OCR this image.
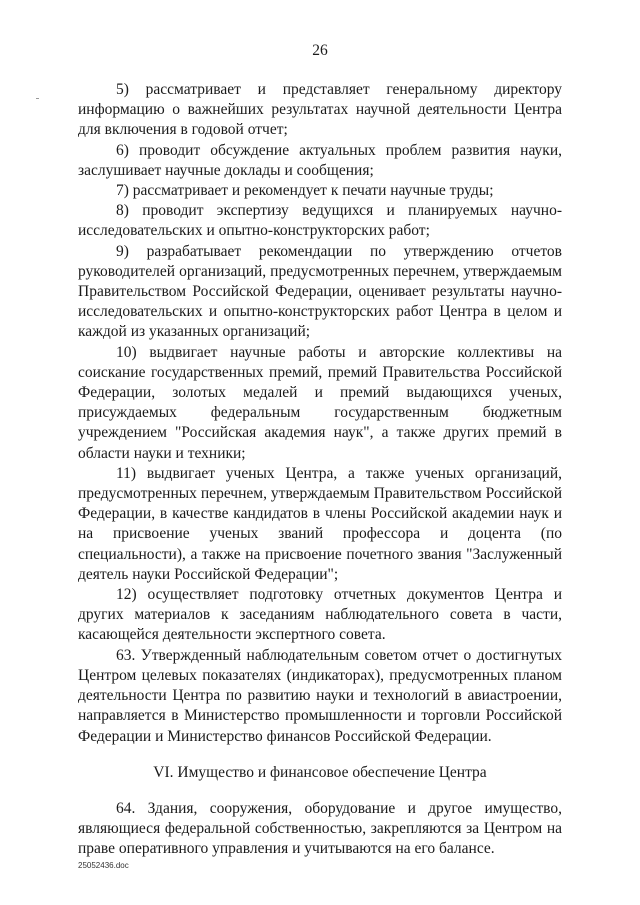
26

5) рассматривает и представляет генеральному директору информацию о важнейших результатах научной деятельности Центра для включения в годовой отчет;

6) проводит обсуждение актуальных проблем развития науки, заслушивает научные доклады и сообщения;

7) рассматривает и рекомендует к печати научные труды;

8) проводит экспертизу ведущихся и планируемых научно-исследовательских и опытно-конструкторских работ;

9) разрабатывает рекомендации по утверждению отчетов руководителей организаций, предусмотренных перечнем, утверждаемым Правительством Российской Федерации, оценивает результаты научно-исследовательских и опытно-конструкторских работ Центра в целом и каждой из указанных организаций;

10) выдвигает научные работы и авторские коллективы на соискание государственных премий, премий Правительства Российской Федерации, золотых медалей и премий выдающихся ученых, присуждаемых федеральным государственным бюджетным учреждением "Российская академия наук", а также других премий в области науки и техники;

11) выдвигает ученых Центра, а также ученых организаций, предусмотренных перечнем, утверждаемым Правительством Российской Федерации, в качестве кандидатов в члены Российской академии наук и на присвоение ученых званий профессора и доцента (по специальности), а также на присвоение почетного звания "Заслуженный деятель науки Российской Федерации";

12) осуществляет подготовку отчетных документов Центра и других материалов к заседаниям наблюдательного совета в части, касающейся деятельности экспертного совета.

63. Утвержденный наблюдательным советом отчет о достигнутых Центром целевых показателях (индикаторах), предусмотренных планом деятельности Центра по развитию науки и технологий в авиастроении, направляется в Министерство промышленности и торговли Российской Федерации и Министерство финансов Российской Федерации.

VI. Имущество и финансовое обеспечение Центра

64. Здания, сооружения, оборудование и другое имущество, являющиеся федеральной собственностью, закрепляются за Центром на праве оперативного управления и учитываются на его балансе.

25052436.doc
